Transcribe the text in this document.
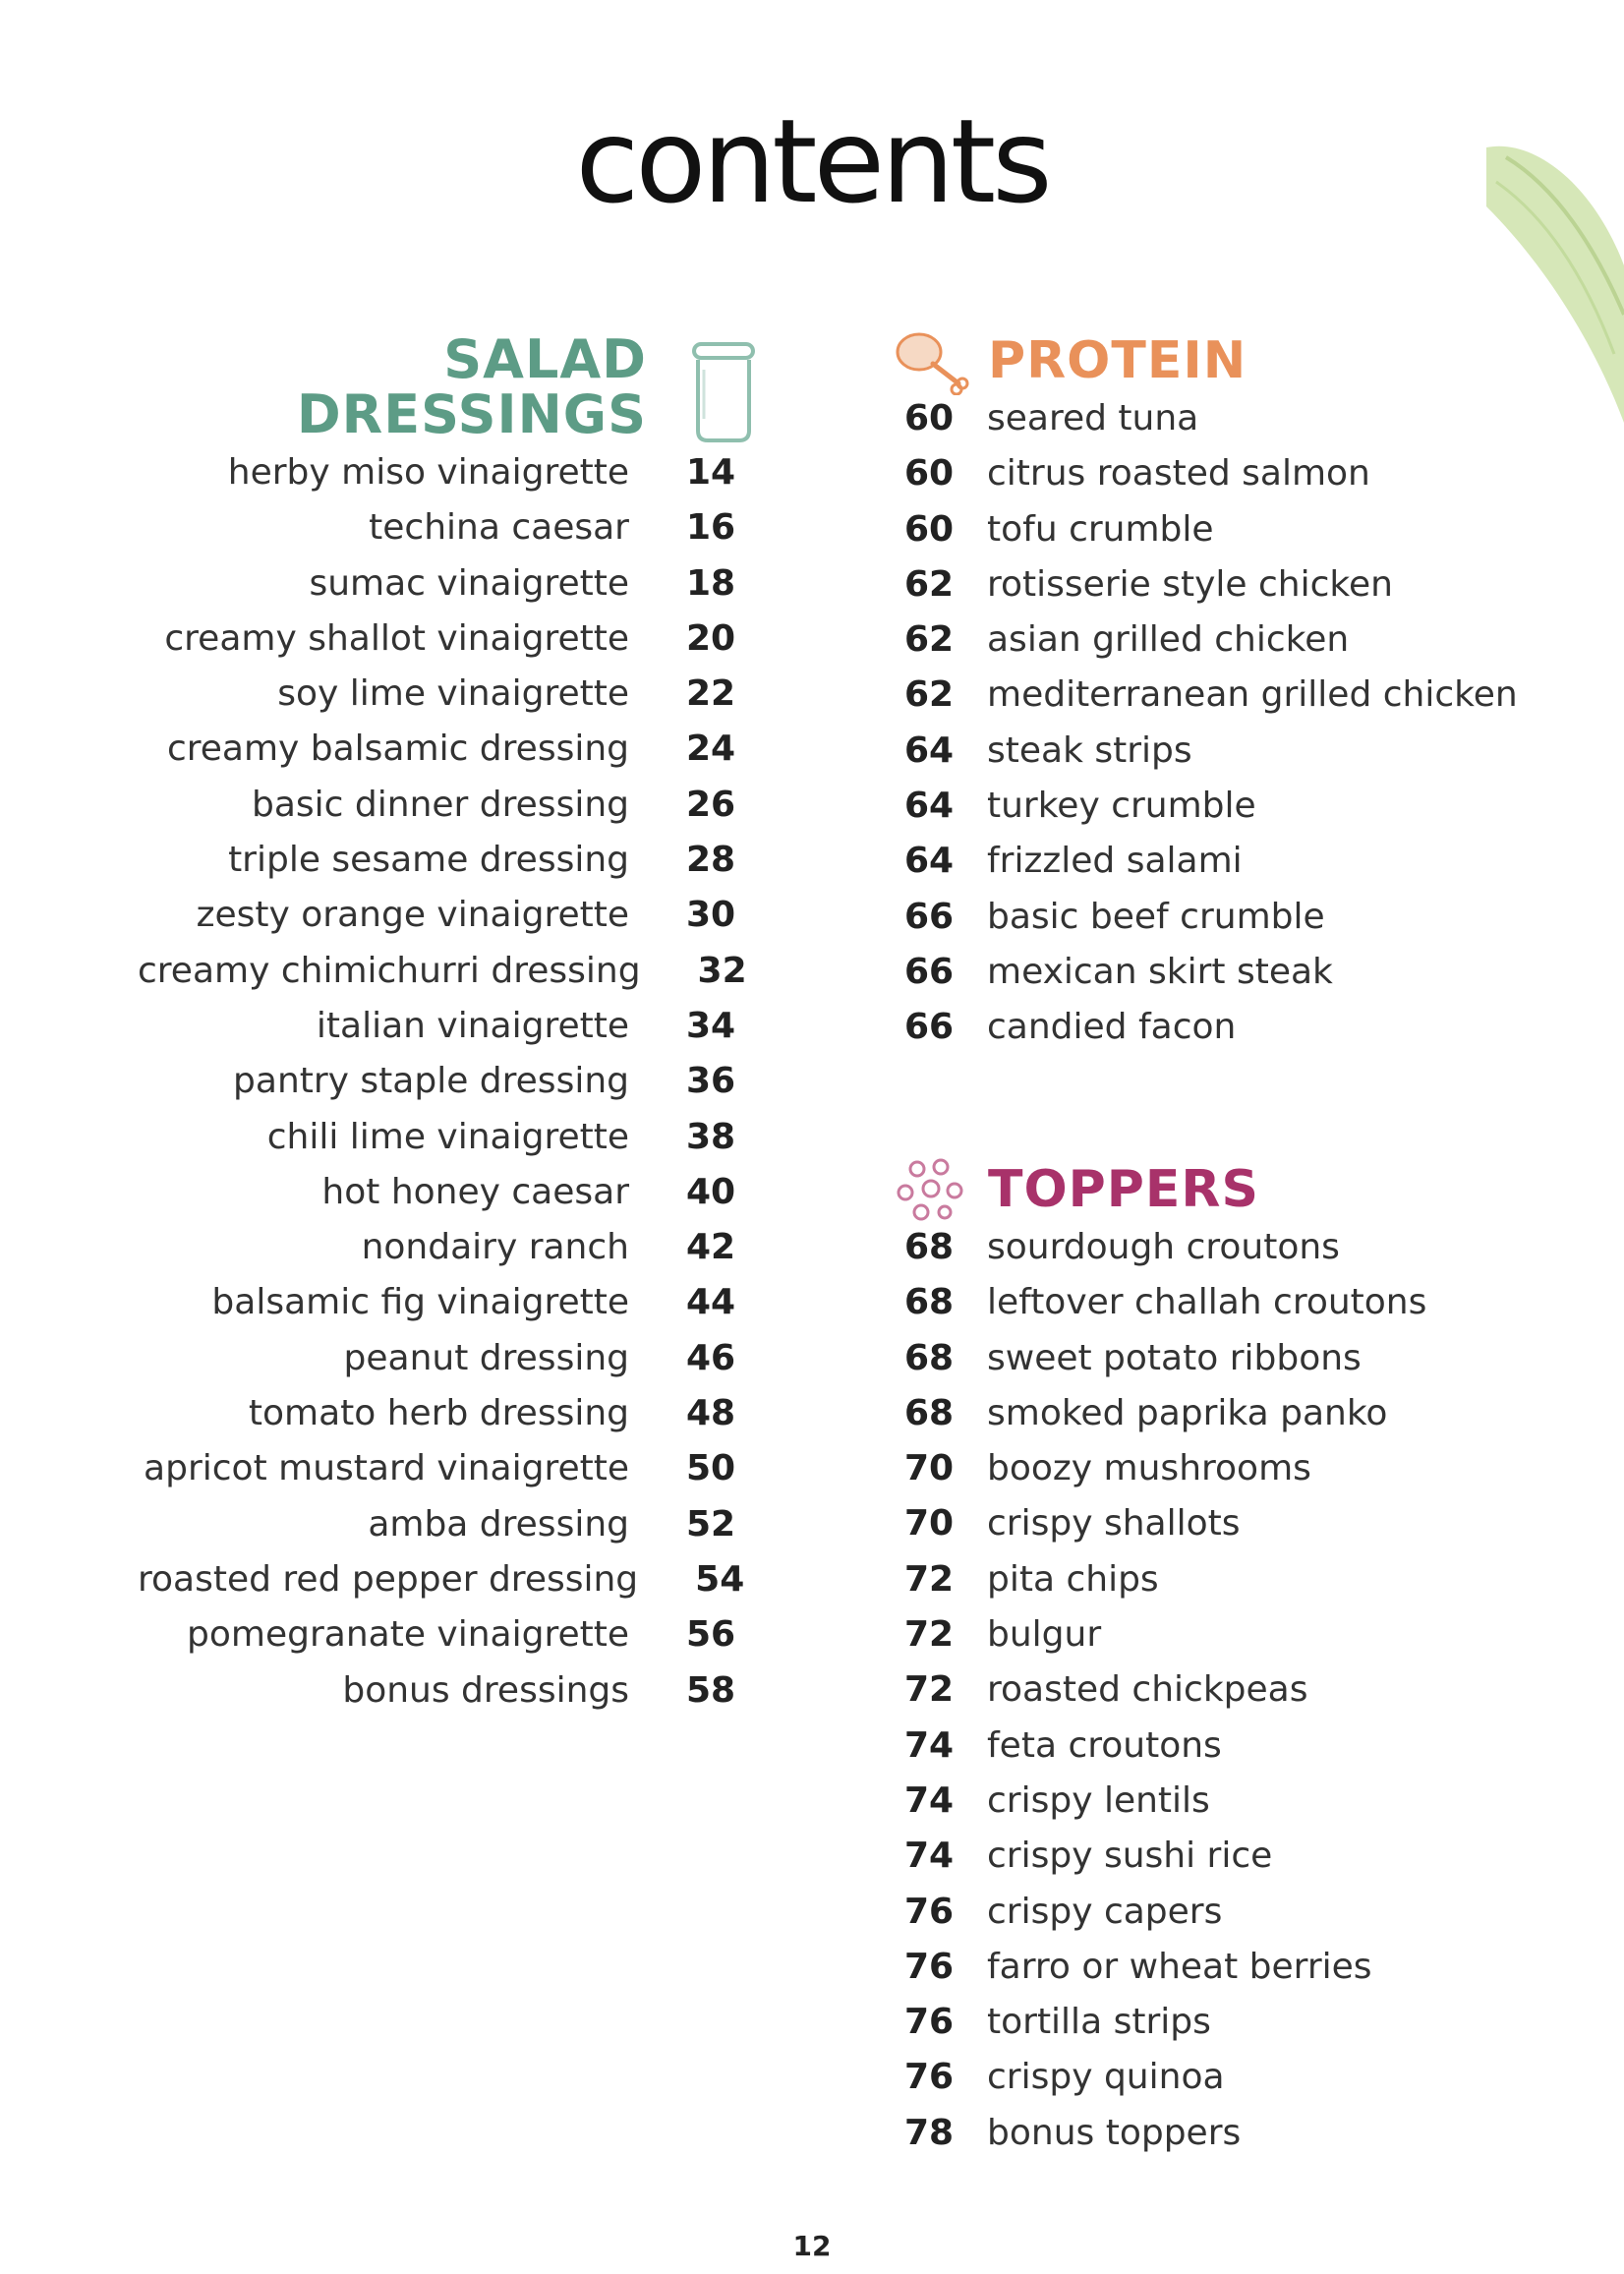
contents
SALAD
DRESSINGS
herby miso vinaigrette	14
techina caesar	16
sumac vinaigrette	18
creamy shallot vinaigrette	20
soy lime vinaigrette	22
creamy balsamic dressing	24
basic dinner dressing	26
triple sesame dressing	28
zesty orange vinaigrette	30
creamy chimichurri dressing	32
italian vinaigrette	34
pantry staple dressing	36
chili lime vinaigrette	38
hot honey caesar	40
nondairy ranch	42
balsamic fig vinaigrette	44
peanut dressing	46
tomato herb dressing	48
apricot mustard vinaigrette	50
amba dressing	52
roasted red pepper dressing	54
pomegranate vinaigrette	56
bonus dressings	58
PROTEIN
60 seared tuna
60 citrus roasted salmon
60 tofu crumble
62 rotisserie style chicken
62 asian grilled chicken
62 mediterranean grilled chicken
64 steak strips
64 turkey crumble
64 frizzled salami
66 basic beef crumble
66 mexican skirt steak
66 candied facon
TOPPERS
68 sourdough croutons
68 leftover challah croutons
68 sweet potato ribbons
68 smoked paprika panko
70 boozy mushrooms
70 crispy shallots
72 pita chips
72 bulgur
72 roasted chickpeas
74 feta croutons
74 crispy lentils
74 crispy sushi rice
76 crispy capers
76 farro or wheat berries
76 tortilla strips
76 crispy quinoa
78 bonus toppers
12
